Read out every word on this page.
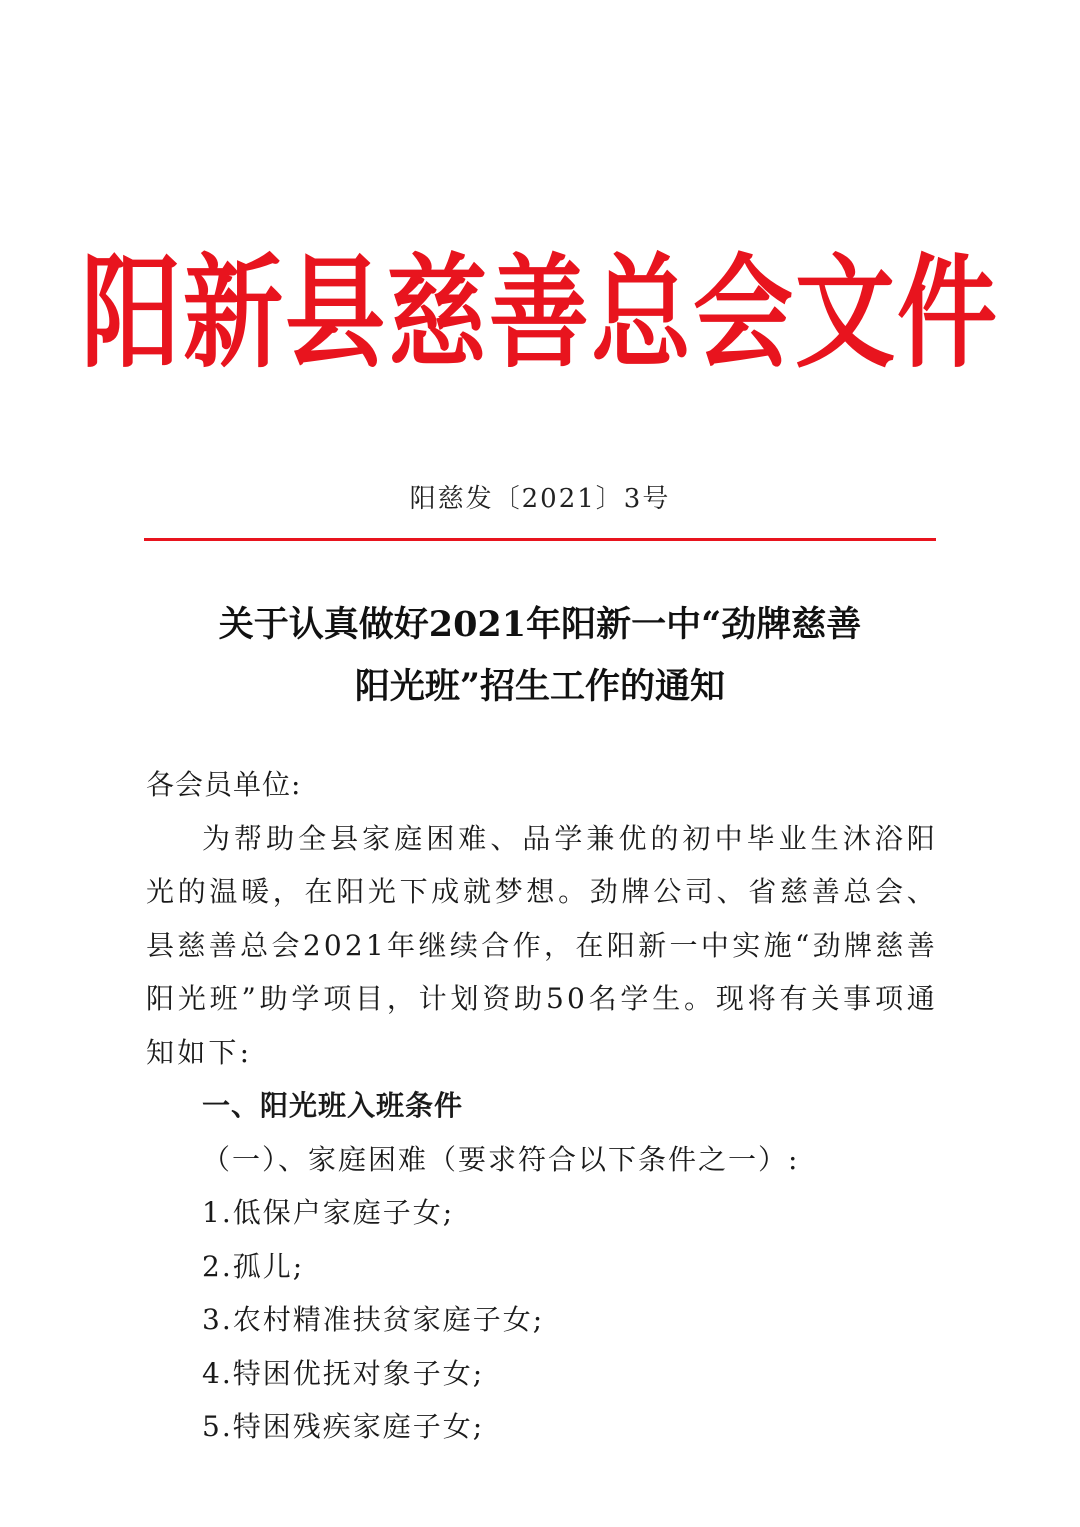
阳新县慈善总会文件
阳慈发〔2021〕3号
关于认真做好2021年阳新一中“劲牌慈善
阳光班”招生工作的通知

各会员单位:

为帮助全县家庭困难、品学兼优的初中毕业生沐浴阳光的温暖，在阳光下成就梦想。劲牌公司、省慈善总会、县慈善总会2021年继续合作，在阳新一中实施“劲牌慈善阳光班”助学项目，计划资助50名学生。现将有关事项通知如下:

一、阳光班入班条件

（一）、家庭困难（要求符合以下条件之一）:

1.低保户家庭子女;

2.孤儿;

3.农村精准扶贫家庭子女;

4.特困优抚对象子女;

5.特困残疾家庭子女;
